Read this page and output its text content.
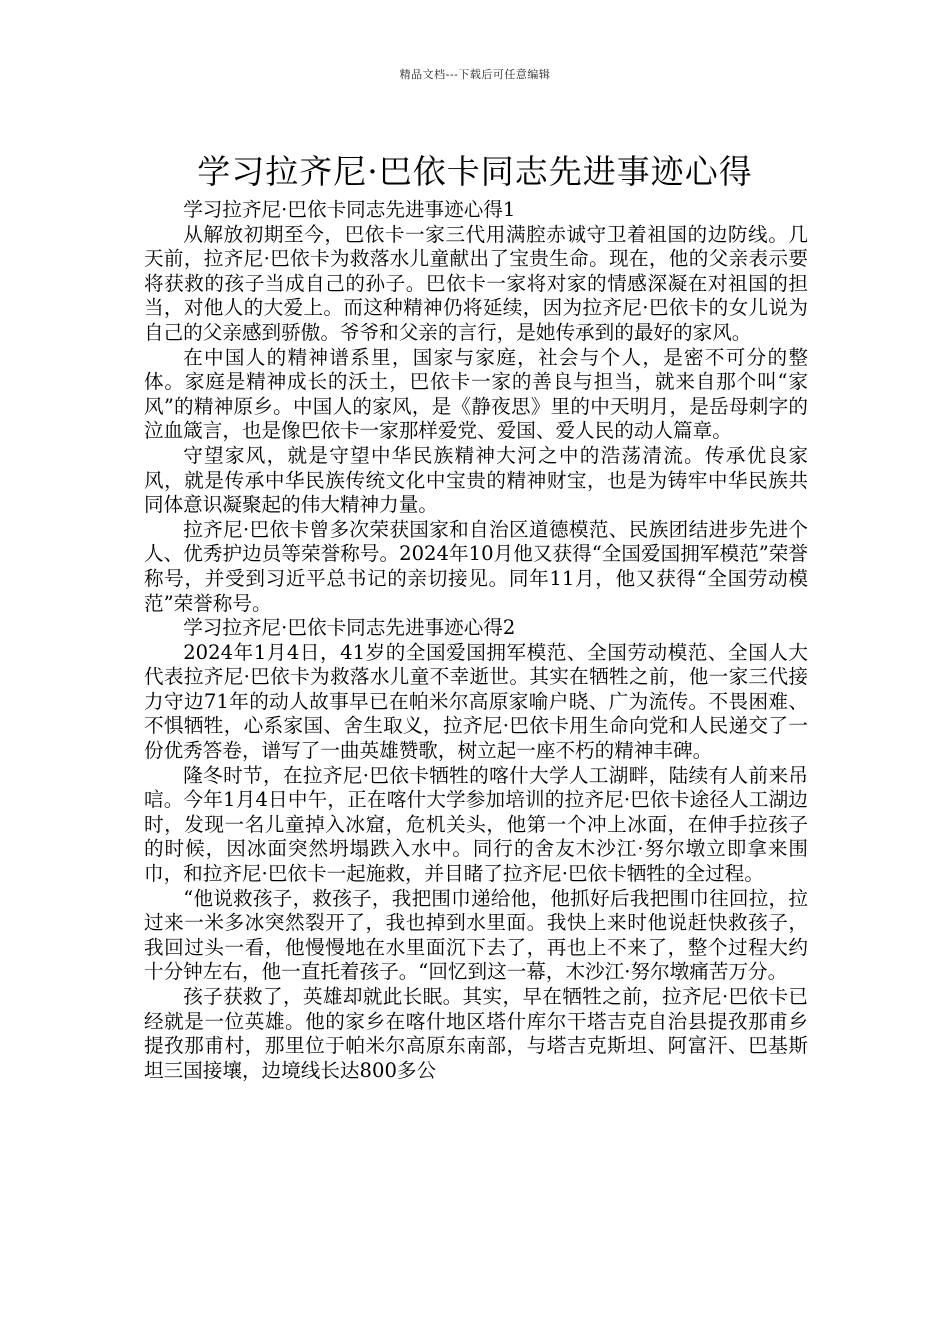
精品文档---下载后可任意编辑
学习拉齐尼·巴依卡同志先进事迹心得

学习拉齐尼·巴依卡同志先进事迹心得1

从解放初期至今，巴依卡一家三代用满腔赤诚守卫着祖国的边防线。几天前，拉齐尼·巴依卡为救落水儿童献出了宝贵生命。现在，他的父亲表示要将获救的孩子当成自己的孙子。巴依卡一家将对家的情感深凝在对祖国的担当，对他人的大爱上。而这种精神仍将延续，因为拉齐尼·巴依卡的女儿说为自己的父亲感到骄傲。爷爷和父亲的言行，是她传承到的最好的家风。

在中国人的精神谱系里，国家与家庭，社会与个人，是密不可分的整体。家庭是精神成长的沃土，巴依卡一家的善良与担当，就来自那个叫“家风”的精神原乡。中国人的家风，是《静夜思》里的中天明月，是岳母刺字的泣血箴言，也是像巴依卡一家那样爱党、爱国、爱人民的动人篇章。

守望家风，就是守望中华民族精神大河之中的浩荡清流。传承优良家风，就是传承中华民族传统文化中宝贵的精神财宝，也是为铸牢中华民族共同体意识凝聚起的伟大精神力量。

拉齐尼·巴依卡曾多次荣获国家和自治区道德模范、民族团结进步先进个人、优秀护边员等荣誉称号。2024年10月他又获得“全国爱国拥军模范”荣誉称号，并受到习近平总书记的亲切接见。同年11月，他又获得“全国劳动模范”荣誉称号。

学习拉齐尼·巴依卡同志先进事迹心得2

2024年1月4日，41岁的全国爱国拥军模范、全国劳动模范、全国人大代表拉齐尼·巴依卡为救落水儿童不幸逝世。其实在牺牲之前，他一家三代接力守边71年的动人故事早已在帕米尔高原家喻户晓、广为流传。不畏困难、不惧牺牲，心系家国、舍生取义，拉齐尼·巴依卡用生命向党和人民递交了一份优秀答卷，谱写了一曲英雄赞歌，树立起一座不朽的精神丰碑。

隆冬时节，在拉齐尼·巴依卡牺牲的喀什大学人工湖畔，陆续有人前来吊唁。今年1月4日中午，正在喀什大学参加培训的拉齐尼·巴依卡途径人工湖边时，发现一名儿童掉入冰窟，危机关头，他第一个冲上冰面，在伸手拉孩子的时候，因冰面突然坍塌跌入水中。同行的舍友木沙江·努尔墩立即拿来围巾，和拉齐尼·巴依卡一起施救，并目睹了拉齐尼·巴依卡牺牲的全过程。

“他说救孩子，救孩子，我把围巾递给他，他抓好后我把围巾往回拉，拉过来一米多冰突然裂开了，我也掉到水里面。我快上来时他说赶快救孩子，我回过头一看，他慢慢地在水里面沉下去了，再也上不来了，整个过程大约十分钟左右，他一直托着孩子。“回忆到这一幕，木沙江·努尔墩痛苦万分。

孩子获救了，英雄却就此长眠。其实，早在牺牲之前，拉齐尼·巴依卡已经就是一位英雄。他的家乡在喀什地区塔什库尔干塔吉克自治县提孜那甫乡提孜那甫村，那里位于帕米尔高原东南部，与塔吉克斯坦、阿富汗、巴基斯坦三国接壤，边境线长达800多公
